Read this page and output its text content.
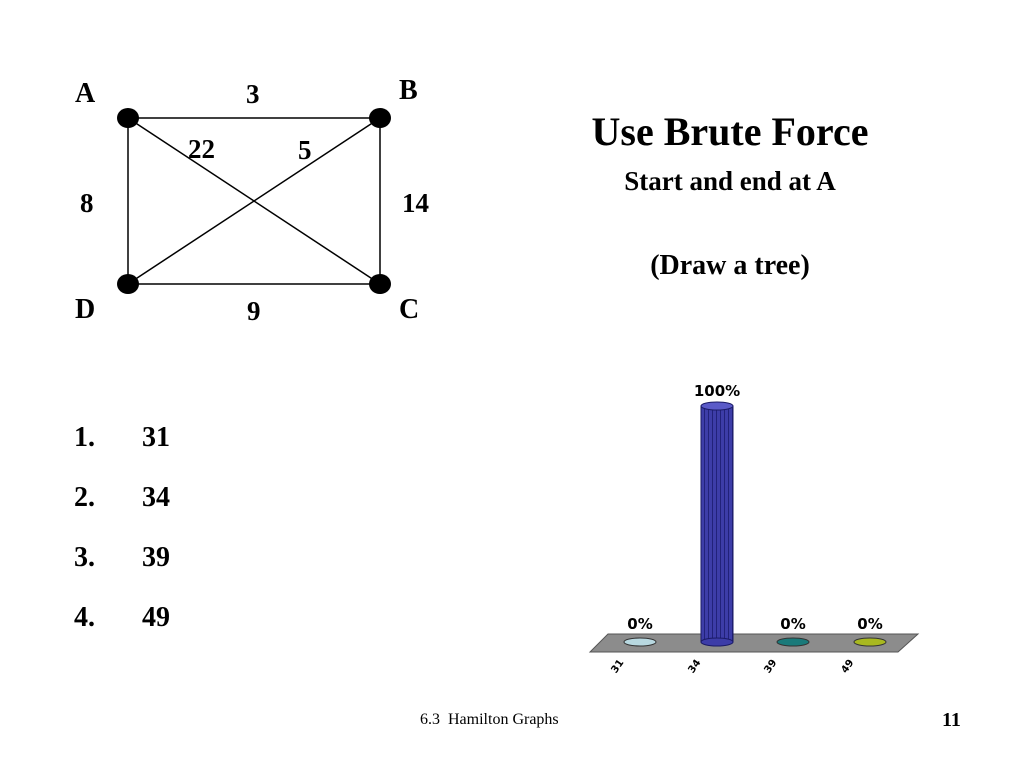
A	B
C
D
3
22	5
8	14
9
Use Brute Force
Start and end at A
(Draw a tree)
1. 31
2. 34
3. 39
4. 49	0%
31
100%
34
0%
39
0%
49
6.3  Hamilton Graphs	11
